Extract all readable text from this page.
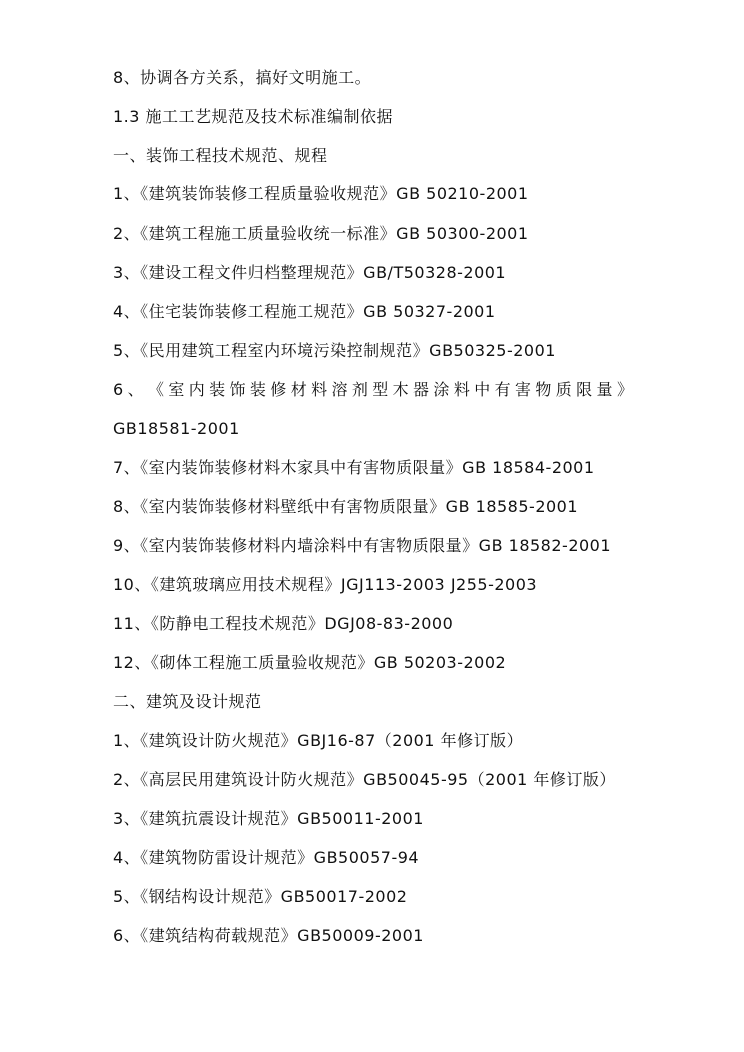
8、协调各方关系，搞好文明施工。
1.3 施工工艺规范及技术标准编制依据
一、装饰工程技术规范、规程
1、《建筑装饰装修工程质量验收规范》GB 50210-2001
2、《建筑工程施工质量验收统一标准》GB 50300-2001
3、《建设工程文件归档整理规范》GB/T50328-2001
4、《住宅装饰装修工程施工规范》GB 50327-2001
5、《民用建筑工程室内环境污染控制规范》GB50325-2001
6 、 《 室 内 装 饰 装 修 材 料 溶 剂 型 木 器 涂 料 中 有 害 物 质 限 量 》
GB18581-2001
7、《室内装饰装修材料木家具中有害物质限量》GB 18584-2001
8、《室内装饰装修材料壁纸中有害物质限量》GB 18585-2001
9、《室内装饰装修材料内墙涂料中有害物质限量》GB 18582-2001
10、《建筑玻璃应用技术规程》JGJ113-2003 J255-2003
11、《防静电工程技术规范》DGJ08-83-2000
12、《砌体工程施工质量验收规范》GB 50203-2002
二、建筑及设计规范
1、《建筑设计防火规范》GBJ16-87（2001 年修订版）
2、《高层民用建筑设计防火规范》GB50045-95（2001 年修订版）
3、《建筑抗震设计规范》GB50011-2001
4、《建筑物防雷设计规范》GB50057-94
5、《钢结构设计规范》GB50017-2002
6、《建筑结构荷载规范》GB50009-2001
